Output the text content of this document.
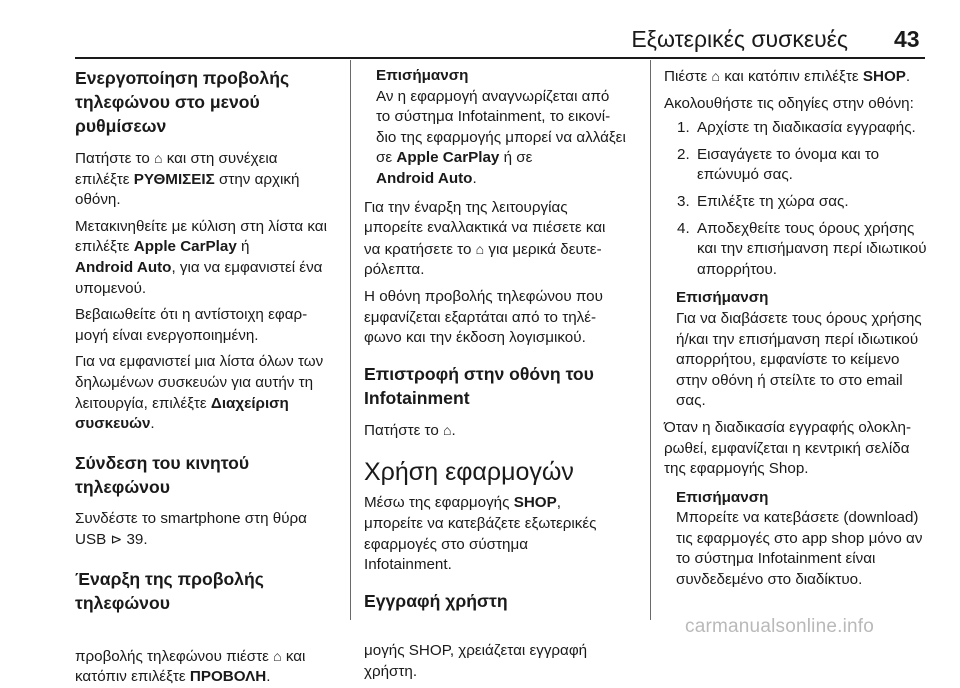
Εξωτερικές συσκευές 43

Ενεργοποίηση προβολής
τηλεφώνου στο μενού ρυθμίσεων

Πατήστε το ⌂ και στη συνέχεια
επιλέξτε ΡΥΘΜΙΣΕΙΣ στην αρχική
οθόνη.

Μετακινηθείτε με κύλιση στη λίστα και
επιλέξτε Apple CarPlay ή
Android Auto, για να εμφανιστεί ένα
υπομενού.

Βεβαιωθείτε ότι η αντίστοιχη εφαρ‐
μογή είναι ενεργοποιημένη.

Για να εμφανιστεί μια λίστα όλων των
δηλωμένων συσκευών για αυτήν τη
λειτουργία, επιλέξτε Διαχείριση
συσκευών.

Σύνδεση του κινητού τηλεφώνου

Συνδέστε το smartphone στη θύρα
USB ⊳ 39.

Έναρξη της προβολής τηλεφώνου

προβολής τηλεφώνου πιέστε ⌂ και
κατόπιν επιλέξτε ΠΡΟΒΟΛΗ.

Επισήμανση

Αν η εφαρμογή αναγνωρίζεται από
το σύστημα Infotainment, το εικονί‐
διο της εφαρμογής μπορεί να αλλάξει
σε Apple CarPlay ή σε
Android Auto.

Για την έναρξη της λειτουργίας
μπορείτε εναλλακτικά να πιέσετε και
να κρατήσετε το ⌂ για μερικά δευτε‐
ρόλεπτα.

Η οθόνη προβολής τηλεφώνου που
εμφανίζεται εξαρτάται από το τηλέ‐
φωνο και την έκδοση λογισμικού.

Επιστροφή στην οθόνη του
Infotainment

Πατήστε το ⌂.

Χρήση εφαρμογών

Μέσω της εφαρμογής SHOP,
μπορείτε να κατεβάζετε εξωτερικές
εφαρμογές στο σύστημα
Infotainment.

Εγγραφή χρήστη

μογής SHOP, χρειάζεται εγγραφή
χρήστη.

Πιέστε ⌂ και κατόπιν επιλέξτε SHOP.

Ακολουθήστε τις οδηγίες στην οθόνη:

1. Αρχίστε τη διαδικασία εγγραφής.
2. Εισαγάγετε το όνομα και το
επώνυμό σας.
3. Επιλέξτε τη χώρα σας.
4. Αποδεχθείτε τους όρους χρήσης
και την επισήμανση περί ιδιωτικού
απορρήτου.

Επισήμανση

Για να διαβάσετε τους όρους χρήσης
ή/και την επισήμανση περί ιδιωτικού
απορρήτου, εμφανίστε το κείμενο
στην οθόνη ή στείλτε το στο email
σας.

Όταν η διαδικασία εγγραφής ολοκλη‐
ρωθεί, εμφανίζεται η κεντρική σελίδα
της εφαρμογής Shop.

Επισήμανση

Μπορείτε να κατεβάσετε (download)
τις εφαρμογές στο app shop μόνο αν
το σύστημα Infotainment είναι
συνδεδεμένο στο διαδίκτυο.

carmanualsonline.info
